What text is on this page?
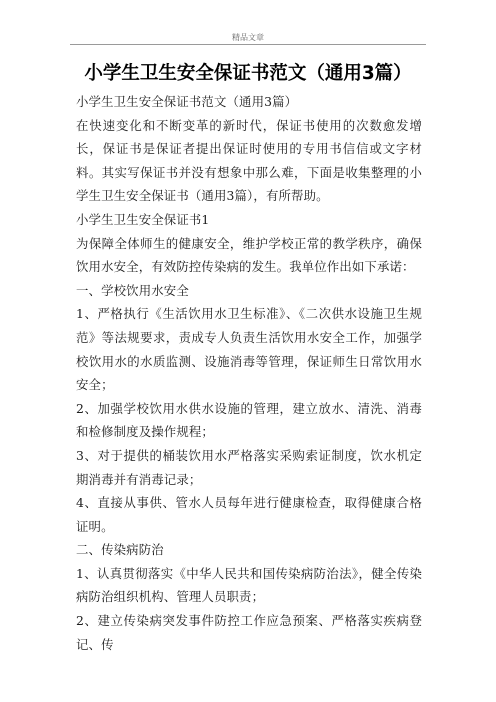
精品文章
小学生卫生安全保证书范文（通用3篇）

小学生卫生安全保证书范文（通用3篇）

在快速变化和不断变革的新时代，保证书使用的次数愈发增长，保证书是保证者提出保证时使用的专用书信信或文字材料。其实写保证书并没有想象中那么难，下面是收集整理的小学生卫生安全保证书（通用3篇），有所帮助。

小学生卫生安全保证书1

为保障全体师生的健康安全，维护学校正常的教学秩序，确保饮用水安全，有效防控传染病的发生。我单位作出如下承诺：

一、学校饮用水安全

1、严格执行《生活饮用水卫生标准》、《二次供水设施卫生规范》等法规要求，责成专人负责生活饮用水安全工作，加强学校饮用水的水质监测、设施消毒等管理，保证师生日常饮用水安全；

2、加强学校饮用水供水设施的管理，建立放水、清洗、消毒和检修制度及操作规程；

3、对于提供的桶装饮用水严格落实采购索证制度，饮水机定期消毒并有消毒记录；

4、直接从事供、管水人员每年进行健康检查，取得健康合格证明。

二、传染病防治

1、认真贯彻落实《中华人民共和国传染病防治法》，健全传染病防治组织机构、管理人员职责；

2、建立传染病突发事件防控工作应急预案、严格落实疾病登记、传
